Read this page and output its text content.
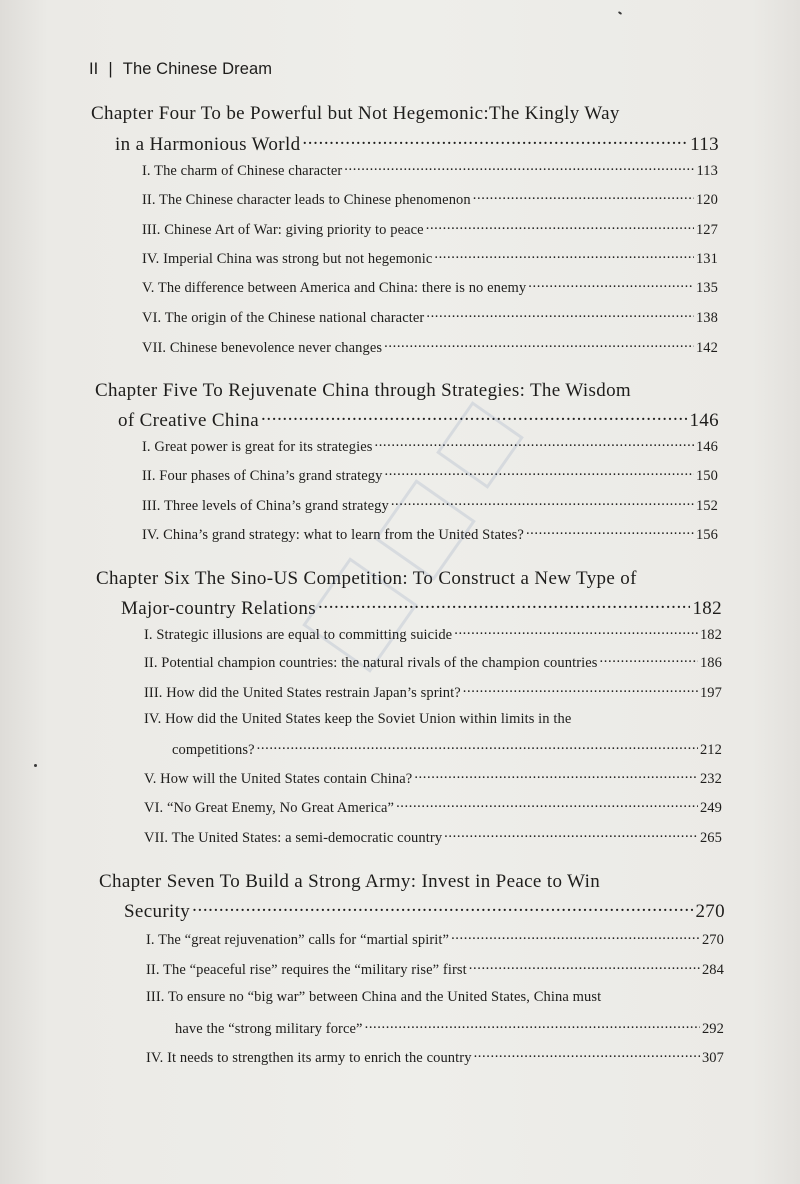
II | The Chinese Dream
Chapter Four To be Powerful but Not Hegemonic:The Kingly Way
in a Harmonious World .....	113
I. The charm of Chinese character .....	113
II. The Chinese character leads to Chinese phenomenon .....	120
III. Chinese Art of War: giving priority to peace .....	127
IV. Imperial China was strong but not hegemonic .....	131
V. The difference between America and China: there is no enemy .....	135
VI. The origin of the Chinese national character .....	138
VII. Chinese benevolence never changes .....	142
Chapter Five To Rejuvenate China through Strategies: The Wisdom
of Creative China .....	146
I. Great power is great for its strategies .....	146
II. Four phases of China’s grand strategy .....	150
III. Three levels of China’s grand strategy .....	152
IV. China’s grand strategy: what to learn from the United States? .....	156
Chapter Six The Sino-US Competition: To Construct a New Type of
Major-country Relations .....	182
I. Strategic illusions are equal to committing suicide .....	182
II. Potential champion countries: the natural rivals of the champion countries .....	186
III. How did the United States restrain Japan’s sprint? .....	197
IV. How did the United States keep the Soviet Union within limits in the
competitions? .....	212
V. How will the United States contain China? .....	232
VI. “No Great Enemy, No Great America” .....	249
VII. The United States: a semi-democratic country .....	265
Chapter Seven To Build a Strong Army: Invest in Peace to Win
Security .....	270
I. The “great rejuvenation” calls for “martial spirit” .....	270
II. The “peaceful rise” requires the “military rise” first .....	284
III. To ensure no “big war” between China and the United States, China must
have the “strong military force” .....	292
IV. It needs to strengthen its army to enrich the country .....	307
